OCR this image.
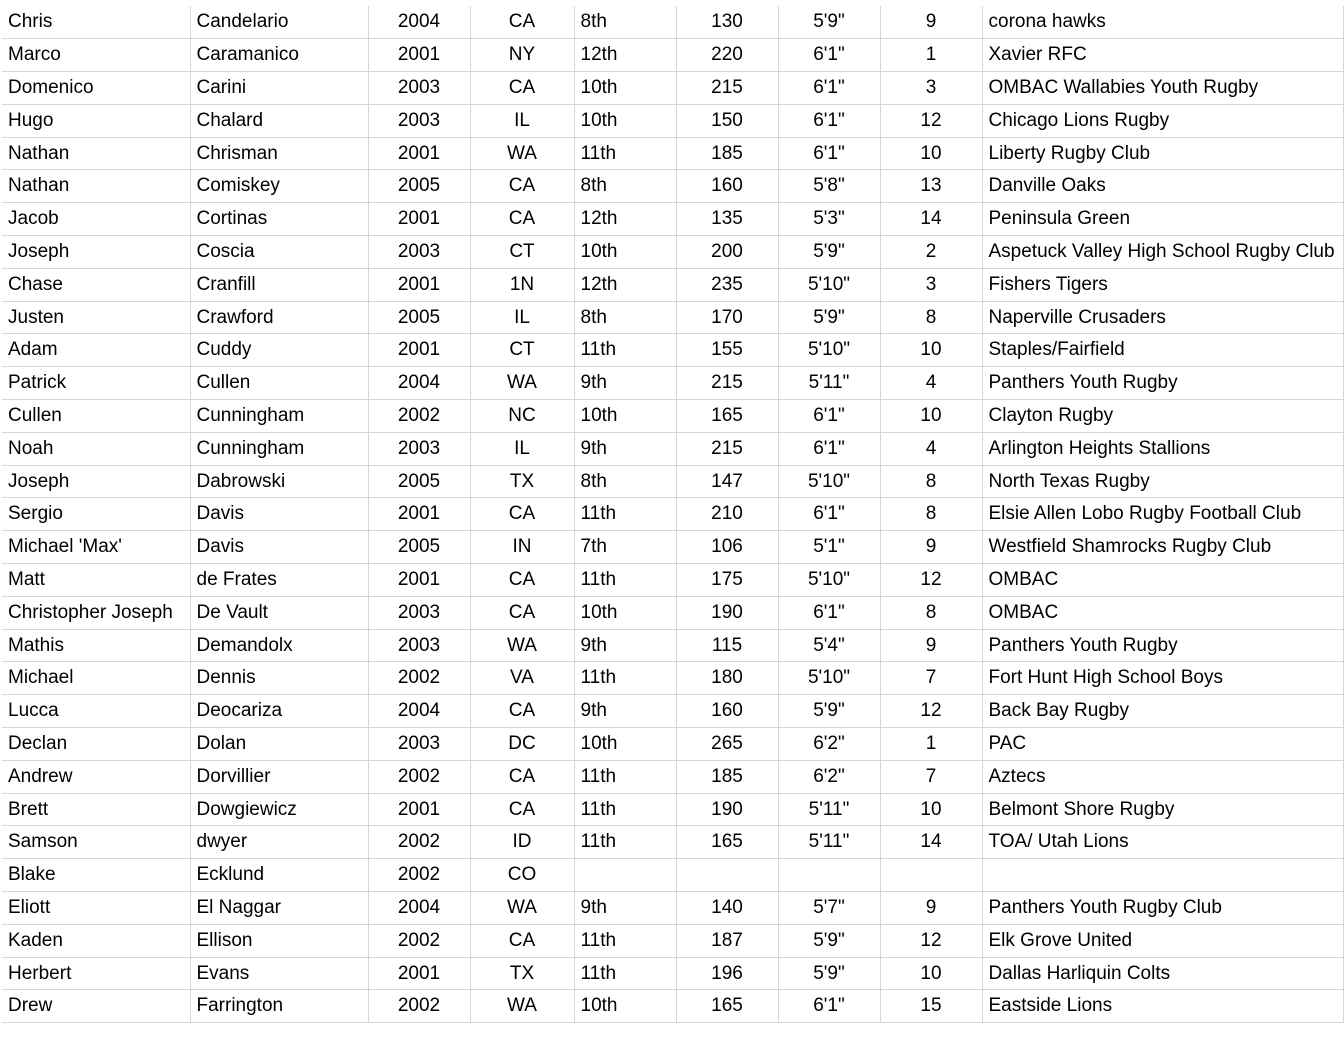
Chris	Candelario	2004	CA	8th	130	5'9"	9	corona hawks
Marco	Caramanico	2001	NY	12th	220	6'1"	1	Xavier RFC
Domenico	Carini	2003	CA	10th	215	6'1"	3	OMBAC Wallabies Youth Rugby
Hugo	Chalard	2003	IL	10th	150	6'1"	12	Chicago Lions Rugby
Nathan	Chrisman	2001	WA	11th	185	6'1"	10	Liberty Rugby Club
Nathan	Comiskey	2005	CA	8th	160	5'8"	13	Danville Oaks
Jacob	Cortinas	2001	CA	12th	135	5'3"	14	Peninsula Green
Joseph	Coscia	2003	CT	10th	200	5'9"	2	Aspetuck Valley High School Rugby Club
Chase	Cranfill	2001	1N	12th	235	5'10"	3	Fishers Tigers
Justen	Crawford	2005	IL	8th	170	5'9"	8	Naperville Crusaders
Adam	Cuddy	2001	CT	11th	155	5'10"	10	Staples/Fairfield
Patrick	Cullen	2004	WA	9th	215	5'11"	4	Panthers Youth Rugby
Cullen	Cunningham	2002	NC	10th	165	6'1"	10	Clayton Rugby
Noah	Cunningham	2003	IL	9th	215	6'1"	4	Arlington Heights Stallions
Joseph	Dabrowski	2005	TX	8th	147	5'10"	8	North Texas Rugby
Sergio	Davis	2001	CA	11th	210	6'1"	8	Elsie Allen Lobo Rugby Football Club
Michael 'Max'	Davis	2005	IN	7th	106	5'1"	9	Westfield Shamrocks Rugby Club
Matt	de Frates	2001	CA	11th	175	5'10"	12	OMBAC
Christopher Joseph	De Vault	2003	CA	10th	190	6'1"	8	OMBAC
Mathis	Demandolx	2003	WA	9th	115	5'4"	9	Panthers Youth Rugby
Michael	Dennis	2002	VA	11th	180	5'10"	7	Fort Hunt High School Boys
Lucca	Deocariza	2004	CA	9th	160	5'9"	12	Back Bay Rugby
Declan	Dolan	2003	DC	10th	265	6'2"	1	PAC
Andrew	Dorvillier	2002	CA	11th	185	6'2"	7	Aztecs
Brett	Dowgiewicz	2001	CA	11th	190	5'11"	10	Belmont Shore Rugby
Samson	dwyer	2002	ID	11th	165	5'11"	14	TOA/ Utah Lions
Blake	Ecklund	2002	CO					
Eliott	El Naggar	2004	WA	9th	140	5'7"	9	Panthers Youth Rugby Club
Kaden	Ellison	2002	CA	11th	187	5'9"	12	Elk Grove United
Herbert	Evans	2001	TX	11th	196	5'9"	10	Dallas Harliquin Colts
Drew	Farrington	2002	WA	10th	165	6'1"	15	Eastside Lions
